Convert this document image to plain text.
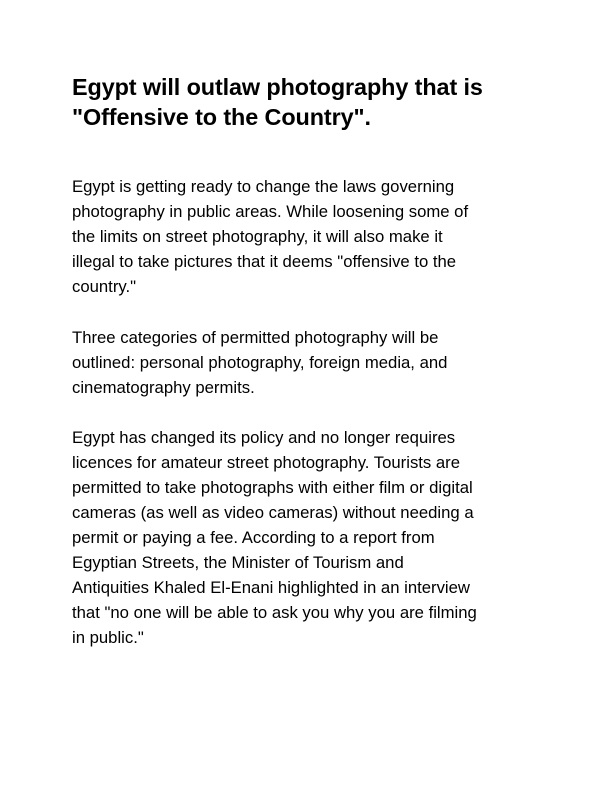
Egypt will outlaw photography that is
"Offensive to the Country".

Egypt is getting ready to change the laws governing
photography in public areas. While loosening some of
the limits on street photography, it will also make it
illegal to take pictures that it deems "offensive to the
country."

Three categories of permitted photography will be
outlined: personal photography, foreign media, and
cinematography permits.

Egypt has changed its policy and no longer requires
licences for amateur street photography. Tourists are
permitted to take photographs with either film or digital
cameras (as well as video cameras) without needing a
permit or paying a fee. According to a report from
Egyptian Streets, the Minister of Tourism and
Antiquities Khaled El-Enani highlighted in an interview
that "no one will be able to ask you why you are filming
in public."
